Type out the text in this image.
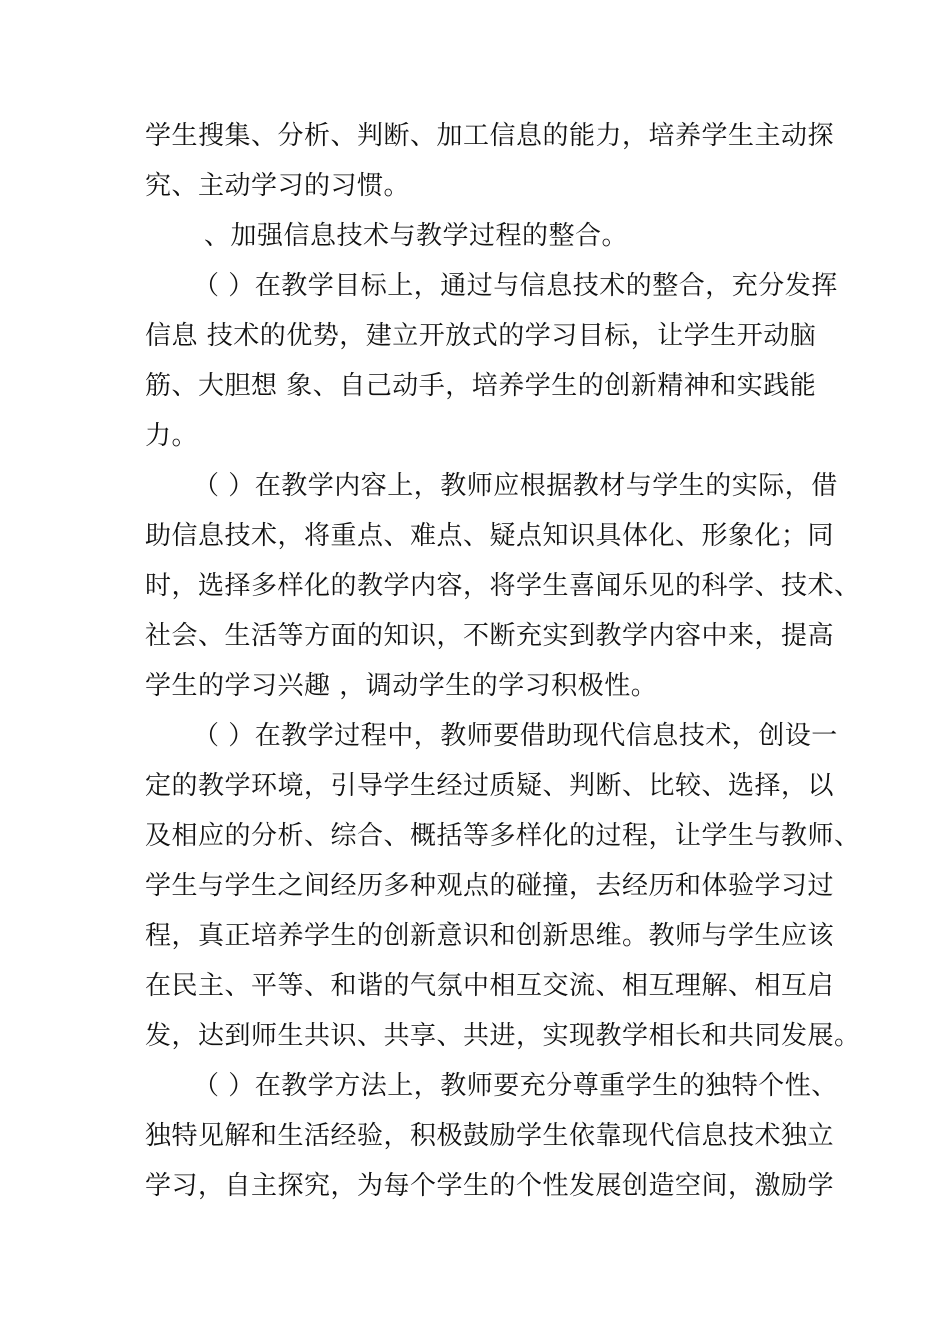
学生搜集、分析、判断、加工信息的能力，培养学生主动探
究、主动学习的习惯。
、加强信息技术与教学过程的整合。
（ ）在教学目标上，通过与信息技术的整合，充分发挥
信息 技术的优势，建立开放式的学习目标，让学生开动脑
筋、大胆想 象、自己动手，培养学生的创新精神和实践能
力。
（ ）在教学内容上，教师应根据教材与学生的实际，借
助信息技术，将重点、难点、疑点知识具体化、形象化；同
时，选择多样化的教学内容，将学生喜闻乐见的科学、技术、
社会、生活等方面的知识，不断充实到教学内容中来，提高
学生的学习兴趣 ，调动学生的学习积极性。
（ ）在教学过程中，教师要借助现代信息技术，创设一
定的教学环境，引导学生经过质疑、判断、比较、选择，以
及相应的分析、综合、概括等多样化的过程，让学生与教师、
学生与学生之间经历多种观点的碰撞，去经历和体验学习过
程，真正培养学生的创新意识和创新思维。教师与学生应该
在民主、平等、和谐的气氛中相互交流、相互理解、相互启
发，达到师生共识、共享、共进，实现教学相长和共同发展。
（ ）在教学方法上，教师要充分尊重学生的独特个性、
独特见解和生活经验，积极鼓励学生依靠现代信息技术独立
学习，自主探究，为每个学生的个性发展创造空间，激励学
